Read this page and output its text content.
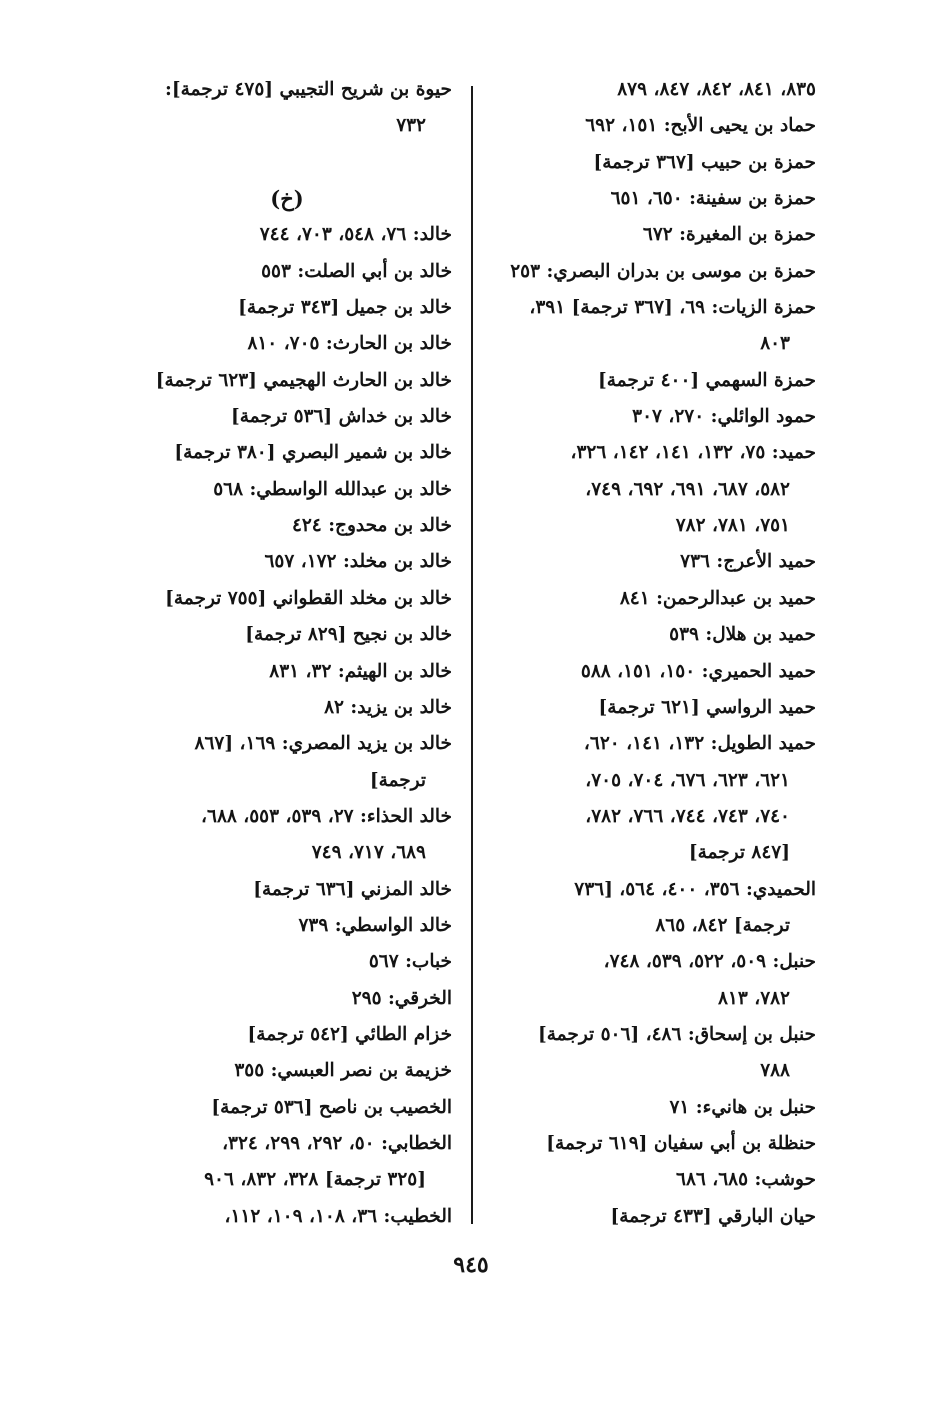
٨٣٥، ٨٤١، ٨٤٢، ٨٤٧، ٨٧٩
حماد بن يحيى الأبح: ١٥١، ٦٩٢
حمزة بن حبيب [٣٦٧ ترجمة]
حمزة بن سفينة: ٦٥٠، ٦٥١
حمزة بن المغيرة: ٦٧٢
حمزة بن موسى بن بدران البصري: ٢٥٣
حمزة الزيات: ٦٩، [٣٦٧ ترجمة] ٣٩١،
٨٠٣
حمزة السهمي [٤٠٠ ترجمة]
حمود الوائلي: ٢٧٠، ٣٠٧
حميد: ٧٥، ١٣٢، ١٤١، ١٤٢، ٣٢٦،
٥٨٢، ٦٨٧، ٦٩١، ٦٩٢، ٧٤٩،
٧٥١، ٧٨١، ٧٨٢
حميد الأعرج: ٧٣٦
حميد بن عبدالرحمن: ٨٤١
حميد بن هلال: ٥٣٩
حميد الحميري: ١٥٠، ١٥١، ٥٨٨
حميد الرواسي [٦٢١ ترجمة]
حميد الطويل: ١٣٢، ١٤١، ٦٢٠،
٦٢١، ٦٢٣، ٦٧٦، ٧٠٤، ٧٠٥،
٧٤٠، ٧٤٣، ٧٤٤، ٧٦٦، ٧٨٢،
[٨٤٧ ترجمة]
الحميدي: ٣٥٦، ٤٠٠، ٥٦٤، [٧٣٦
ترجمة] ٨٤٢، ٨٦٥
حنبل: ٥٠٩، ٥٢٢، ٥٣٩، ٧٤٨،
٧٨٢، ٨١٣
حنبل بن إسحاق: ٤٨٦، [٥٠٦ ترجمة]
٧٨٨
حنبل بن هانيء: ٧١
حنظلة بن أبي سفيان [٦١٩ ترجمة]
حوشب: ٦٨٥، ٦٨٦
حيان البارقي [٤٣٣ ترجمة]
حيوة بن شريح التجيبي [٤٧٥ ترجمة]:
٧٣٢
(خ)
خالد: ٧٦، ٥٤٨، ٧٠٣، ٧٤٤
خالد بن أبي الصلت: ٥٥٣
خالد بن جميل [٣٤٣ ترجمة]
خالد بن الحارث: ٧٠٥، ٨١٠
خالد بن الحارث الهجيمي [٦٢٣ ترجمة]
خالد بن خداش [٥٣٦ ترجمة]
خالد بن شمير البصري [٣٨٠ ترجمة]
خالد بن عبدالله الواسطي: ٥٦٨
خالد بن محدوج: ٤٢٤
خالد بن مخلد: ١٧٢، ٦٥٧
خالد بن مخلد القطواني [٧٥٥ ترجمة]
خالد بن نجيح [٨٢٩ ترجمة]
خالد بن الهيثم: ٣٢، ٨٣١
خالد بن يزيد: ٨٢
خالد بن يزيد المصري: ١٦٩، [٨٦٧
ترجمة]
خالد الحذاء: ٢٧، ٥٣٩، ٥٥٣، ٦٨٨،
٦٨٩، ٧١٧، ٧٤٩
خالد المزني [٦٣٦ ترجمة]
خالد الواسطي: ٧٣٩
خباب: ٥٦٧
الخرقي: ٢٩٥
خزام الطائي [٥٤٢ ترجمة]
خزيمة بن نصر العبسي: ٣٥٥
الخصيب بن ناصح [٥٣٦ ترجمة]
الخطابي: ٥٠، ٢٩٢، ٢٩٩، ٣٢٤،
[٣٢٥ ترجمة] ٣٢٨، ٨٣٢، ٩٠٦
الخطيب: ٣٦، ١٠٨، ١٠٩، ١١٢،
٩٤٥
